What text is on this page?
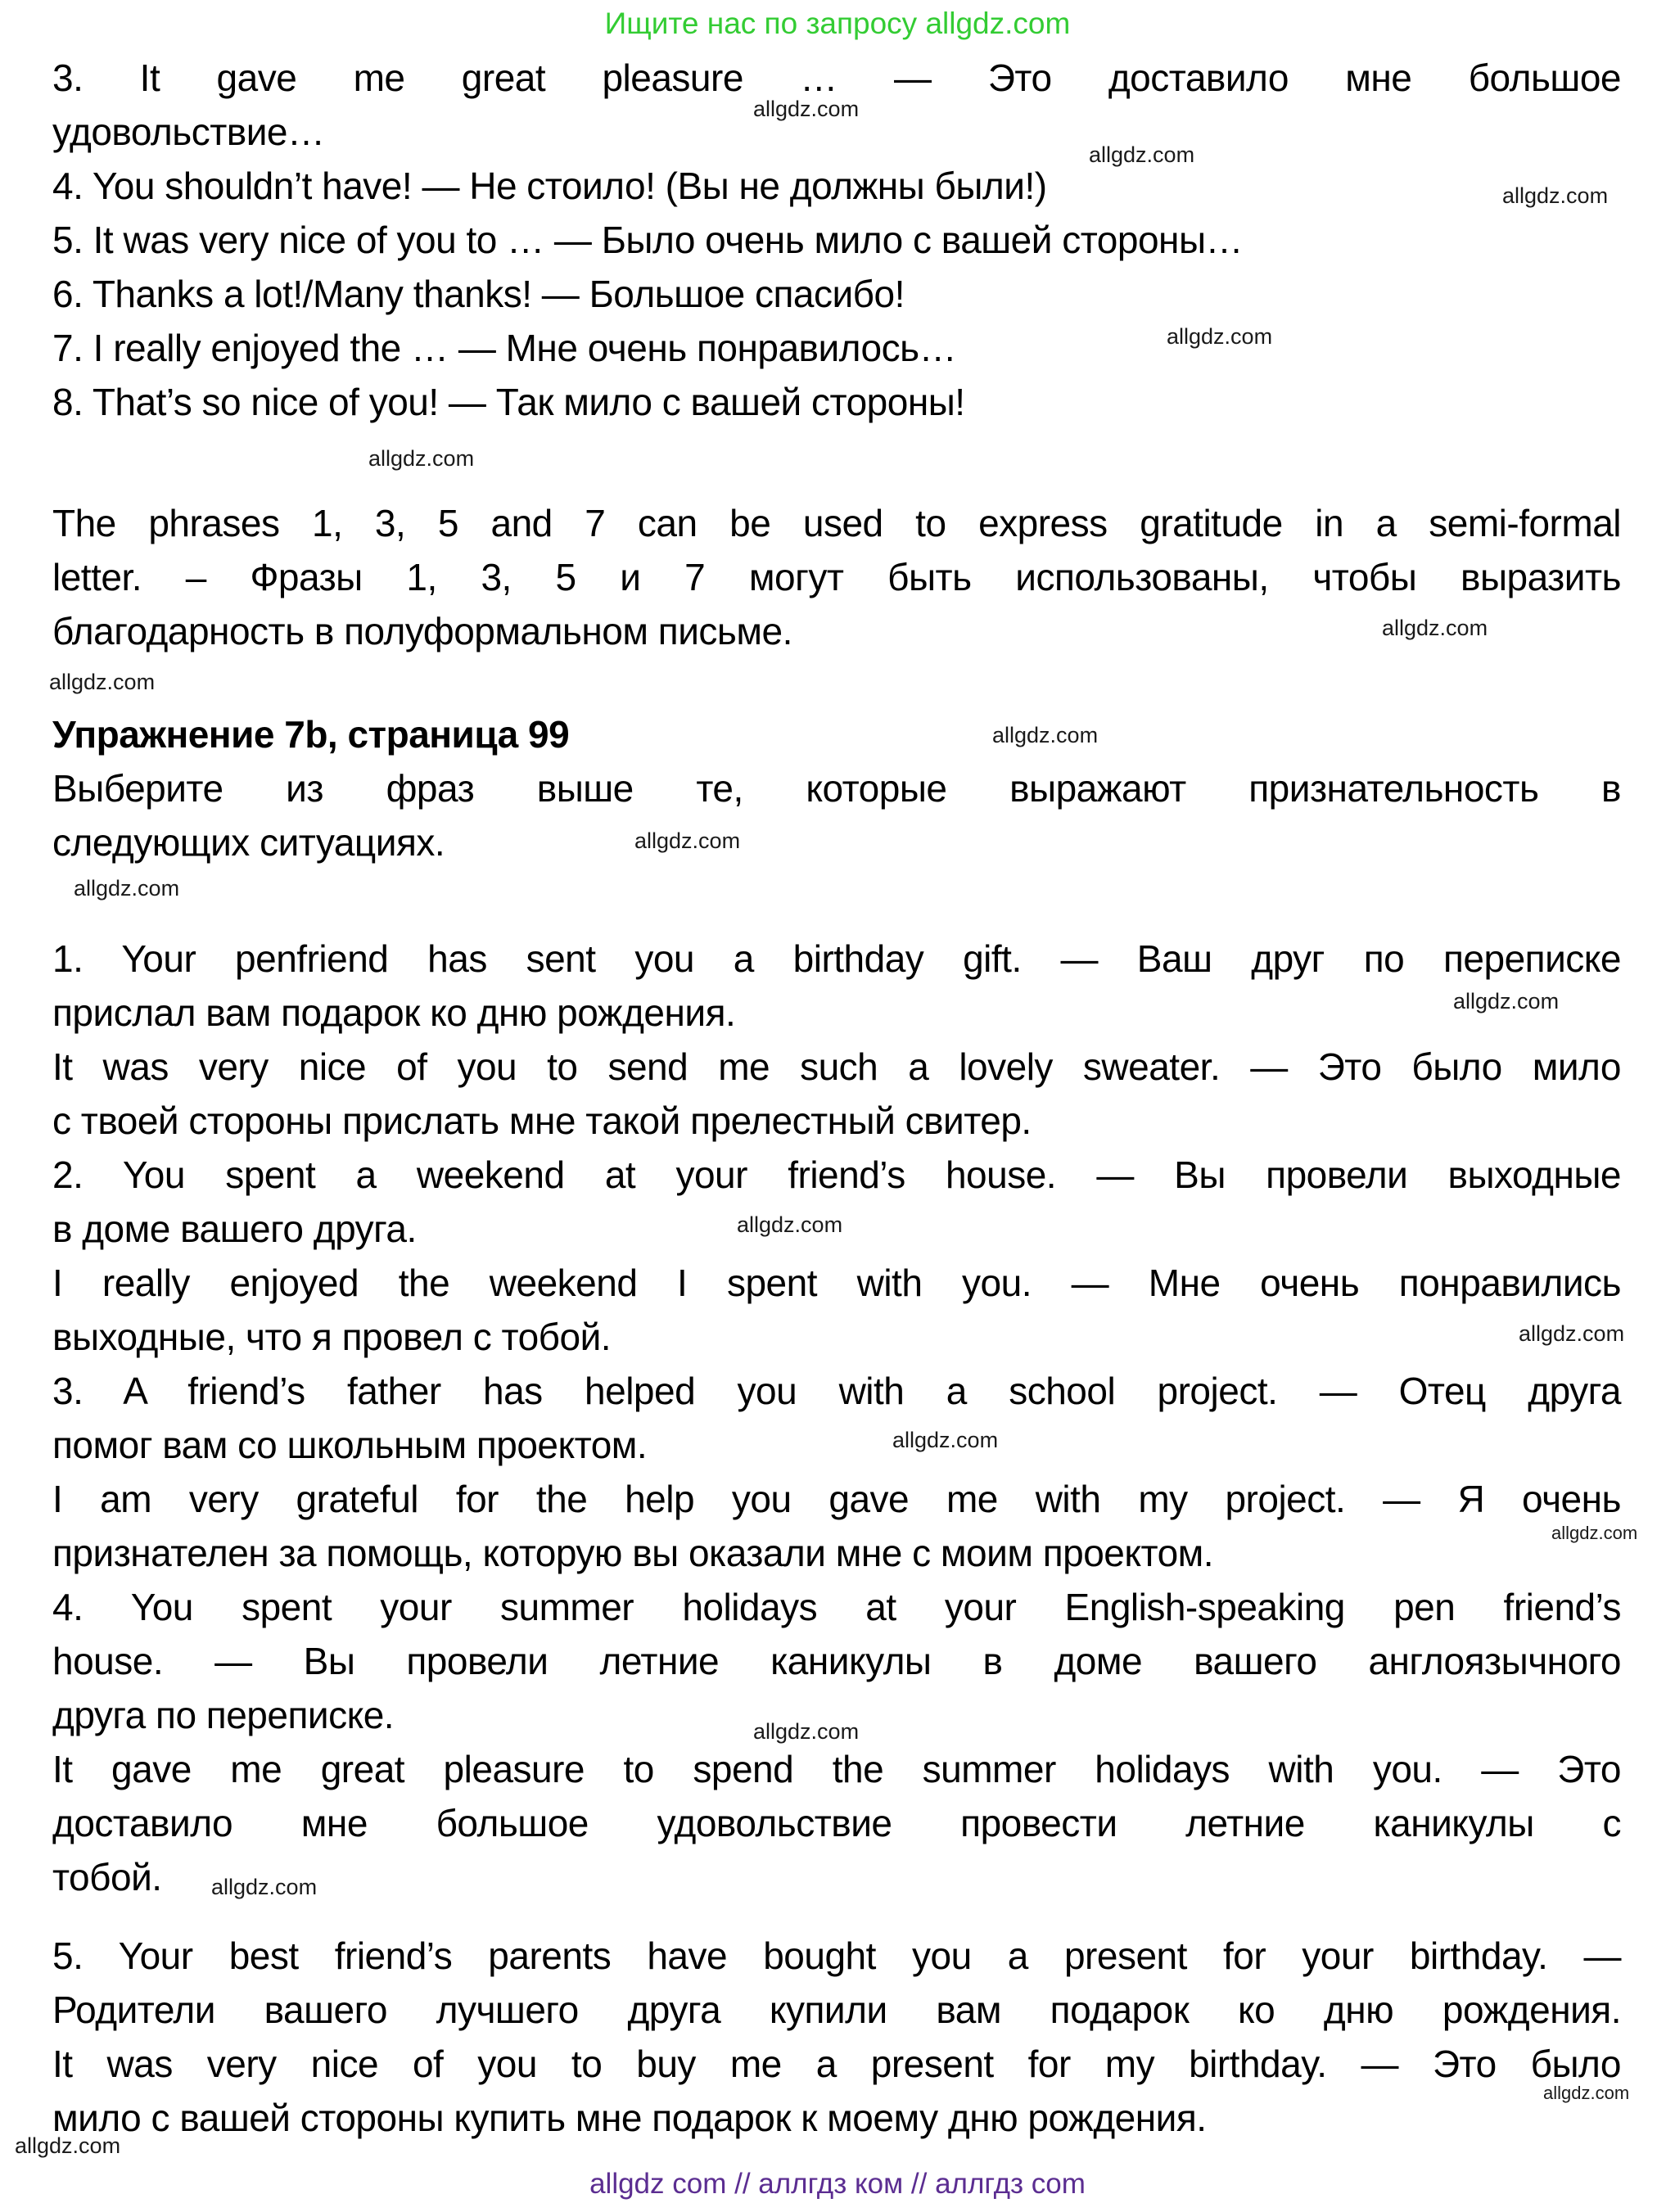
Ищите нас по запросу allgdz.com
3. It gave me great pleasure … — Это доставило мне большое
удовольствие…
4. You shouldn’t have! — Не стоило! (Вы не должны были!)
5. It was very nice of you to … — Было очень мило с вашей стороны…
6. Thanks a lot!/Many thanks! — Большое спасибо!
7. I really enjoyed the … — Мне очень понравилось…
8. That’s so nice of you! — Так мило с вашей стороны!
The phrases 1, 3, 5 and 7 can be used to express gratitude in a semi-formal
letter. – Фразы 1, 3, 5 и 7 могут быть использованы, чтобы выразить
благодарность в полуформальном письме.
Упражнение 7b, страница 99
Выберите из фраз выше те, которые выражают признательность в
следующих ситуациях.
1. Your penfriend has sent you a birthday gift. — Ваш друг по переписке
прислал вам подарок ко дню рождения.
It was very nice of you to send me such a lovely sweater. — Это было мило
с твоей стороны прислать мне такой прелестный свитер.
2. You spent a weekend at your friend’s house. — Вы провели выходные
в доме вашего друга.
I really enjoyed the weekend I spent with you. — Мне очень понравились
выходные, что я провел с тобой.
3. A friend’s father has helped you with a school project. — Отец друга
помог вам со школьным проектом.
I am very grateful for the help you gave me with my project. — Я очень
признателен за помощь, которую вы оказали мне с моим проектом.
4. You spent your summer holidays at your English-speaking pen friend’s
house. — Вы провели летние каникулы в доме вашего англоязычного
друга по переписке.
It gave me great pleasure to spend the summer holidays with you. — Это
доставило мне большое удовольствие провести летние каникулы с
тобой.
5. Your best friend’s parents have bought you a present for your birthday. —
Родители вашего лучшего друга купили вам подарок ко дню рождения.
It was very nice of you to buy me a present for my birthday. — Это было
мило с вашей стороны купить мне подарок к моему дню рождения.
allgdz.com
allgdz.com
allgdz.com
allgdz.com
allgdz.com
allgdz.com
allgdz.com
allgdz.com
allgdz.com
allgdz.com
allgdz.com
allgdz.com
allgdz.com
allgdz.com
allgdz.com
allgdz.com
allgdz.com
allgdz.com
allgdz.com
allgdz com // аллгдз ком // аллгдз com
